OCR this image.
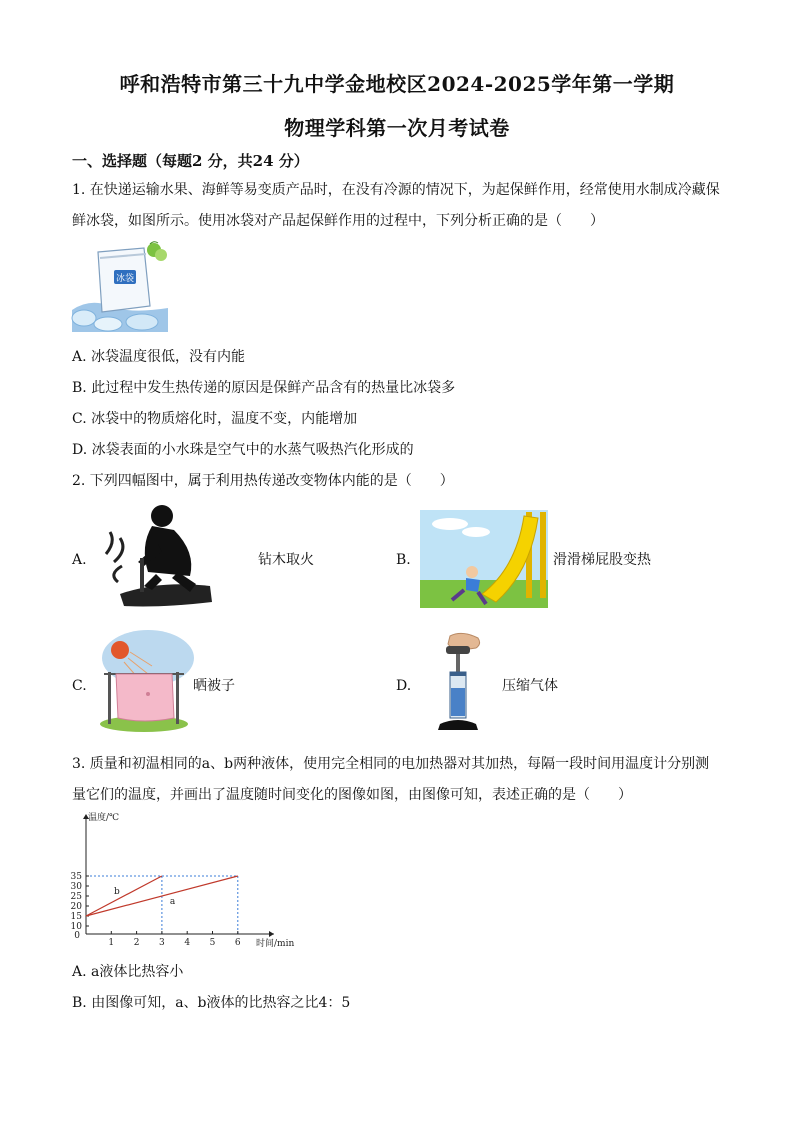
呼和浩特市第三十九中学金地校区2024-2025学年第一学期
物理学科第一次月考试卷
一、选择题（每题2 分，共24 分）
1. 在快递运输水果、海鲜等易变质产品时，在没有冷源的情况下，为起保鲜作用，经常使用水制成冷藏保
鲜冰袋，如图所示。使用冰袋对产品起保鲜作用的过程中，下列分析正确的是（　　）
冰袋
A. 冰袋温度很低，没有内能
B. 此过程中发生热传递的原因是保鲜产品含有的热量比冰袋多
C. 冰袋中的物质熔化时，温度不变，内能增加
D. 冰袋表面的小水珠是空气中的水蒸气吸热汽化形成的
2. 下列四幅图中，属于利用热传递改变物体内能的是（　　）
A.	钻木取火	B.	滑滑梯屁股变热
C.	晒被子	D.	压缩气体
3. 质量和初温相同的a、b两种液体，使用完全相同的电加热器对其加热，每隔一段时间用温度计分别测
量它们的温度，并画出了温度随时间变化的图像如图，由图像可知，表述正确的是（　　）
10
15
20
25
30
35
0
1 2 3 4 5 6
温度/℃
时间/min
a
b
A. a液体比热容小
B. 由图像可知，a、b液体的比热容之比4：5
